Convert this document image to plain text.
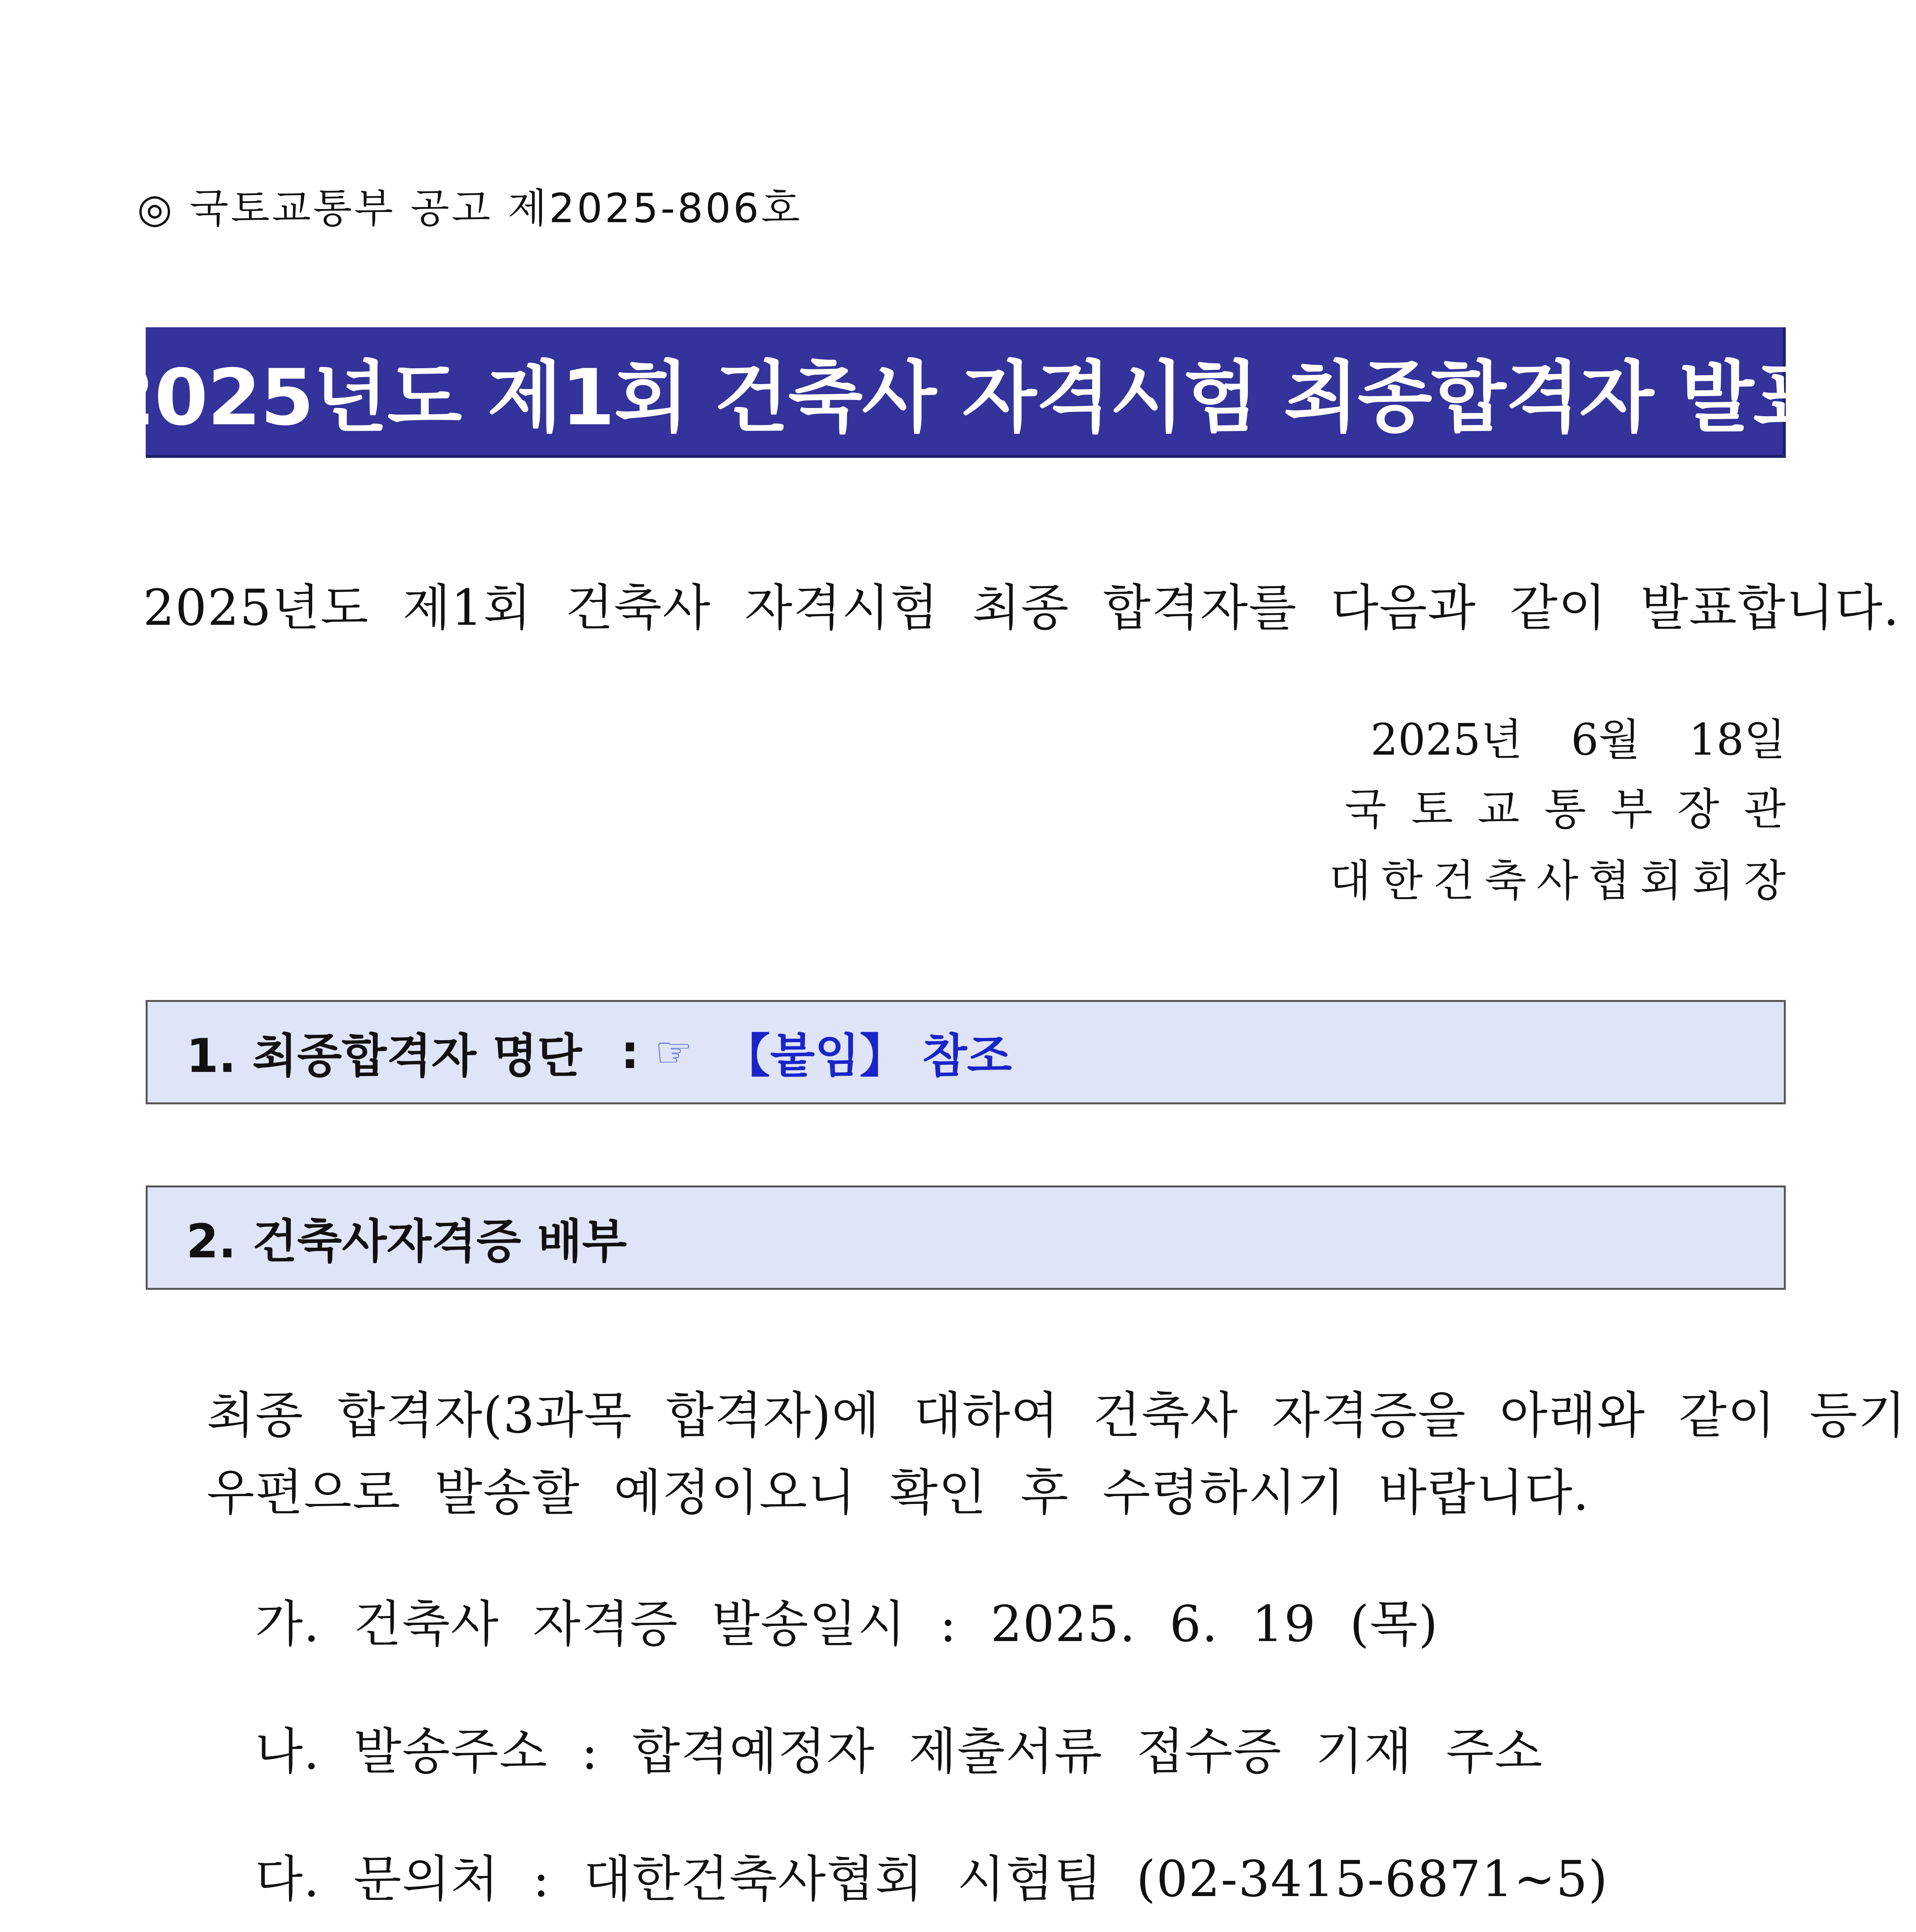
◎ 국토교통부 공고 제2025-806호
2025년도 제1회 건축사 자격시험 최종합격자 발표
2025년도 제1회 건축사 자격시험 최종 합격자를 다음과 같이 발표합니다.
2025년 6월 18일
국토교통부장관
대한건축사협회회장
1. 최종합격자 명단 : ☞ 【붙임】 참조
2. 건축사자격증 배부
최종 합격자(3과목 합격자)에 대하여 건축사 자격증을 아래와 같이 등기
우편으로 발송할 예정이오니 확인 후 수령하시기 바랍니다.
가. 건축사 자격증 발송일시 : 2025. 6. 19 (목)
나. 발송주소 : 합격예정자 제출서류 접수증 기재 주소
다. 문의처 : 대한건축사협회 시험팀 (02-3415-6871~5)
